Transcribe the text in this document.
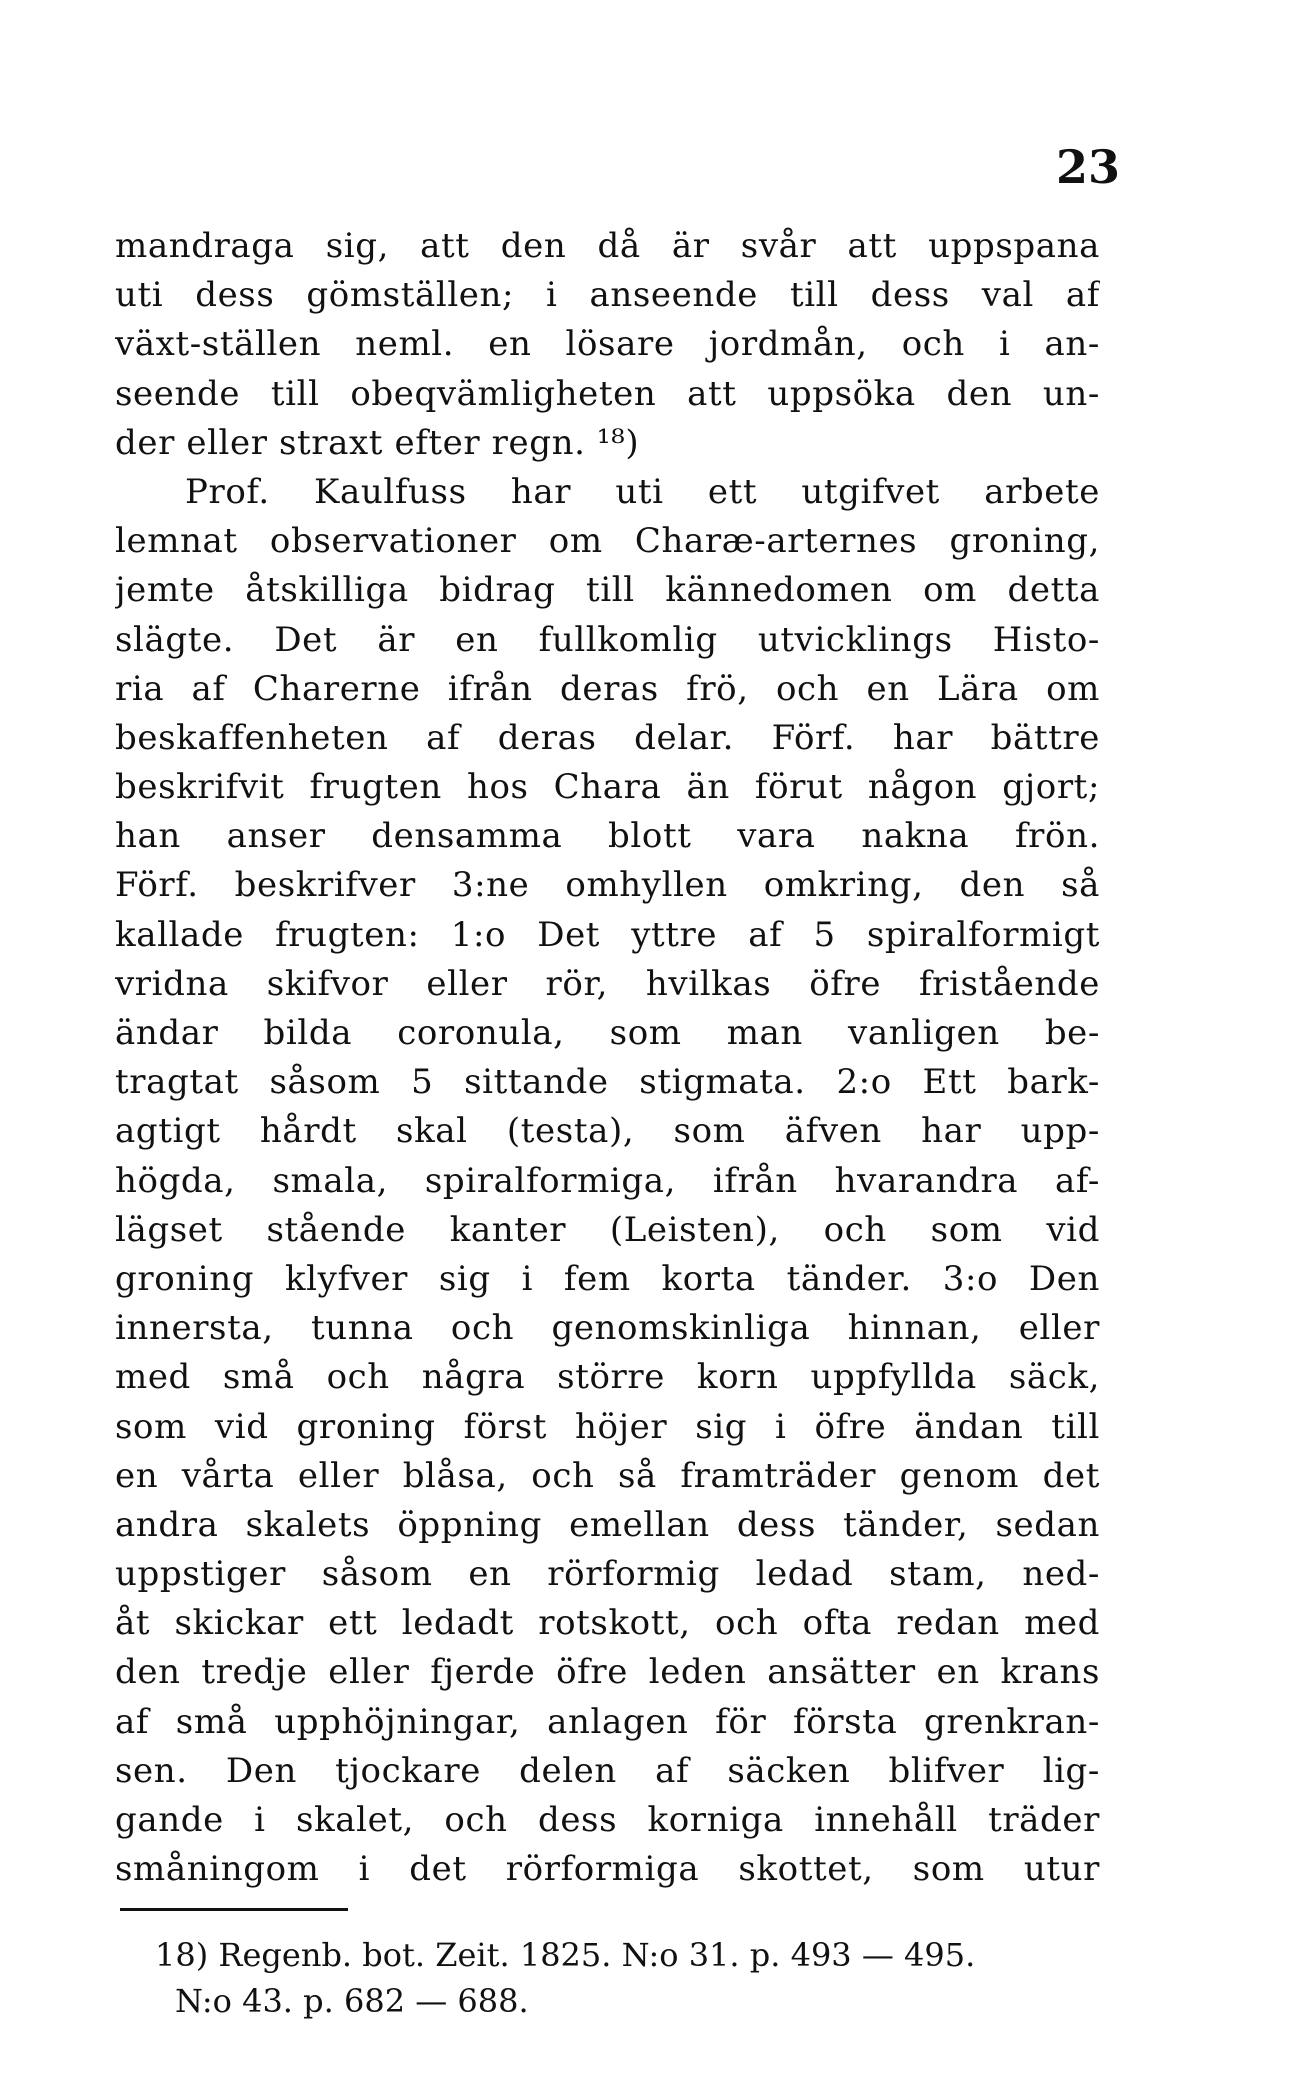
23
mandraga sig, att den då är svår att uppspana
uti dess gömställen; i anseende till dess val af
växt-ställen neml. en lösare jordmån, och i an-
seende till obeqvämligheten att uppsöka den un-
der eller straxt efter regn. ¹⁸)
Prof. Kaulfuss har uti ett utgifvet arbete
lemnat observationer om Charæ-arternes groning,
jemte åtskilliga bidrag till kännedomen om detta
slägte. Det är en fullkomlig utvicklings Histo-
ria af Charerne ifrån deras frö, och en Lära om
beskaffenheten af deras delar. Förf. har bättre
beskrifvit frugten hos Chara än förut någon gjort;
han anser densamma blott vara nakna frön.
Förf. beskrifver 3:ne omhyllen omkring, den så
kallade frugten: 1:o Det yttre af 5 spiralformigt
vridna skifvor eller rör, hvilkas öfre fristående
ändar bilda coronula, som man vanligen be-
tragtat såsom 5 sittande stigmata. 2:o Ett bark-
agtigt hårdt skal (testa), som äfven har upp-
högda, smala, spiralformiga, ifrån hvarandra af-
lägset stående kanter (Leisten), och som vid
groning klyfver sig i fem korta tänder. 3:o Den
innersta, tunna och genomskinliga hinnan, eller
med små och några större korn uppfyllda säck,
som vid groning först höjer sig i öfre ändan till
en vårta eller blåsa, och så framträder genom det
andra skalets öppning emellan dess tänder, sedan
uppstiger såsom en rörformig ledad stam, ned-
åt skickar ett ledadt rotskott, och ofta redan med
den tredje eller fjerde öfre leden ansätter en krans
af små upphöjningar, anlagen för första grenkran-
sen. Den tjockare delen af säcken blifver lig-
gande i skalet, och dess korniga innehåll träder
småningom i det rörformiga skottet, som utur
18) Regenb. bot. Zeit. 1825. N:o 31. p. 493 — 495.
N:o 43. p. 682 — 688.
